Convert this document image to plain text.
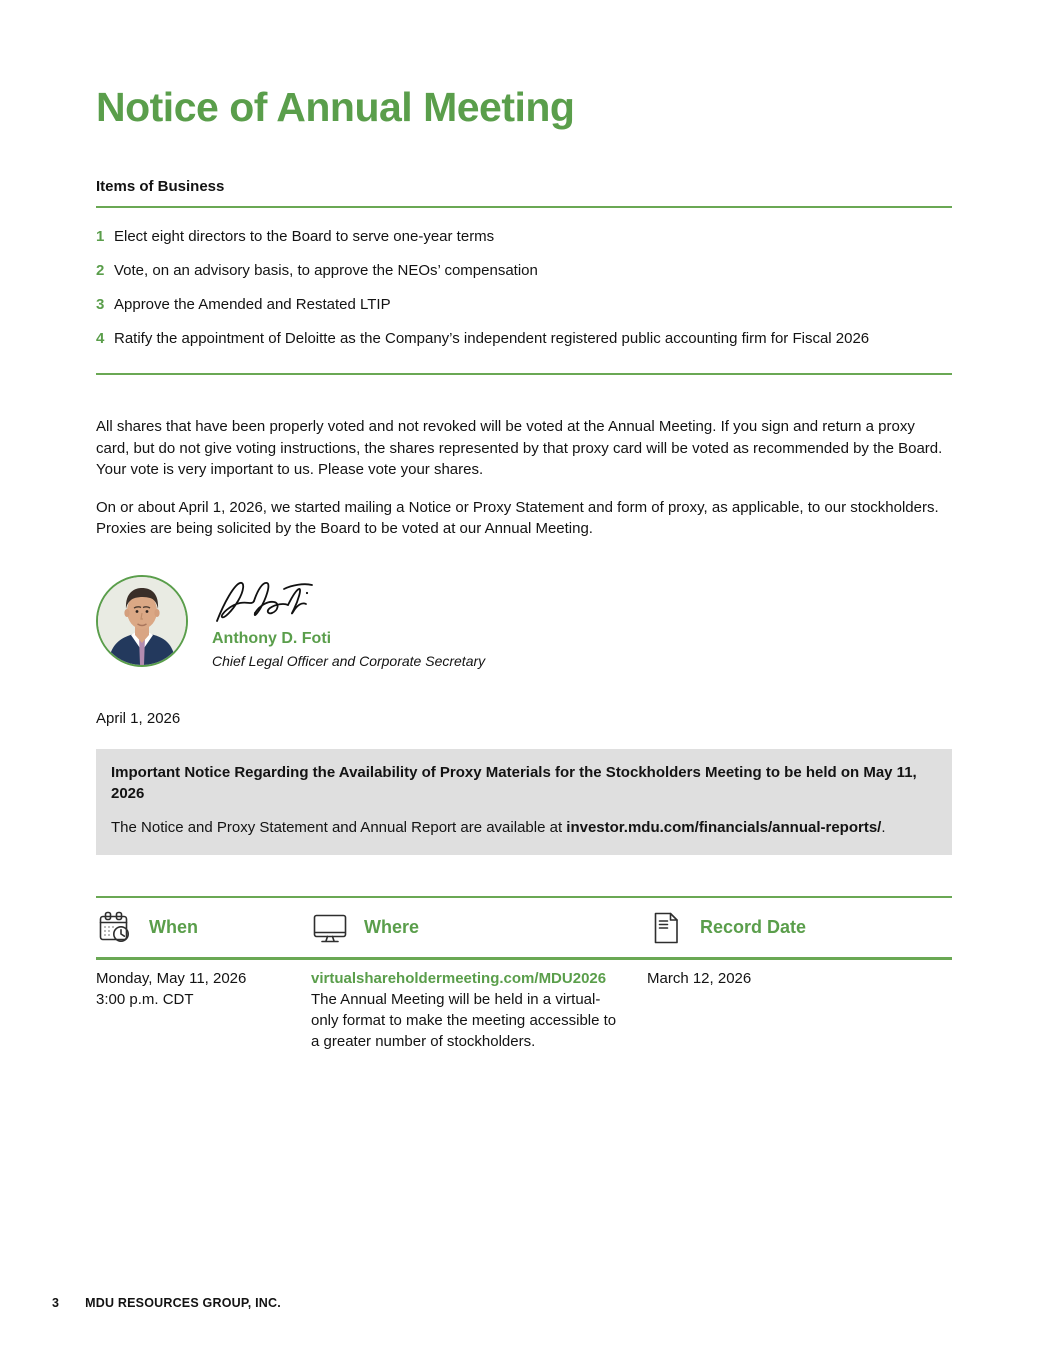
Notice of Annual Meeting
Items of Business
1 Elect eight directors to the Board to serve one-year terms
2 Vote, on an advisory basis, to approve the NEOs’ compensation
3 Approve the Amended and Restated LTIP
4 Ratify the appointment of Deloitte as the Company’s independent registered public accounting firm for Fiscal 2026

All shares that have been properly voted and not revoked will be voted at the Annual Meeting. If you sign and return a proxy card, but do not give voting instructions, the shares represented by that proxy card will be voted as recommended by the Board. Your vote is very important to us. Please vote your shares.

On or about April 1, 2026, we started mailing a Notice or Proxy Statement and form of proxy, as applicable, to our stockholders. Proxies are being solicited by the Board to be voted at our Annual Meeting.

Anthony D. Foti
Chief Legal Officer and Corporate Secretary
April 1, 2026

Important Notice Regarding the Availability of Proxy Materials for the Stockholders Meeting to be held on May 11, 2026

The Notice and Proxy Statement and Annual Report are available at investor.mdu.com/financials/annual-reports/.

When	Where	Record Date
Monday, May 11, 2026
3:00 p.m. CDT
virtualshareholdermeeting.com/MDU2026
The Annual Meeting will be held in a virtual-only format to make the meeting accessible to a greater number of stockholders.
March 12, 2026
3 MDU RESOURCES GROUP, INC.
